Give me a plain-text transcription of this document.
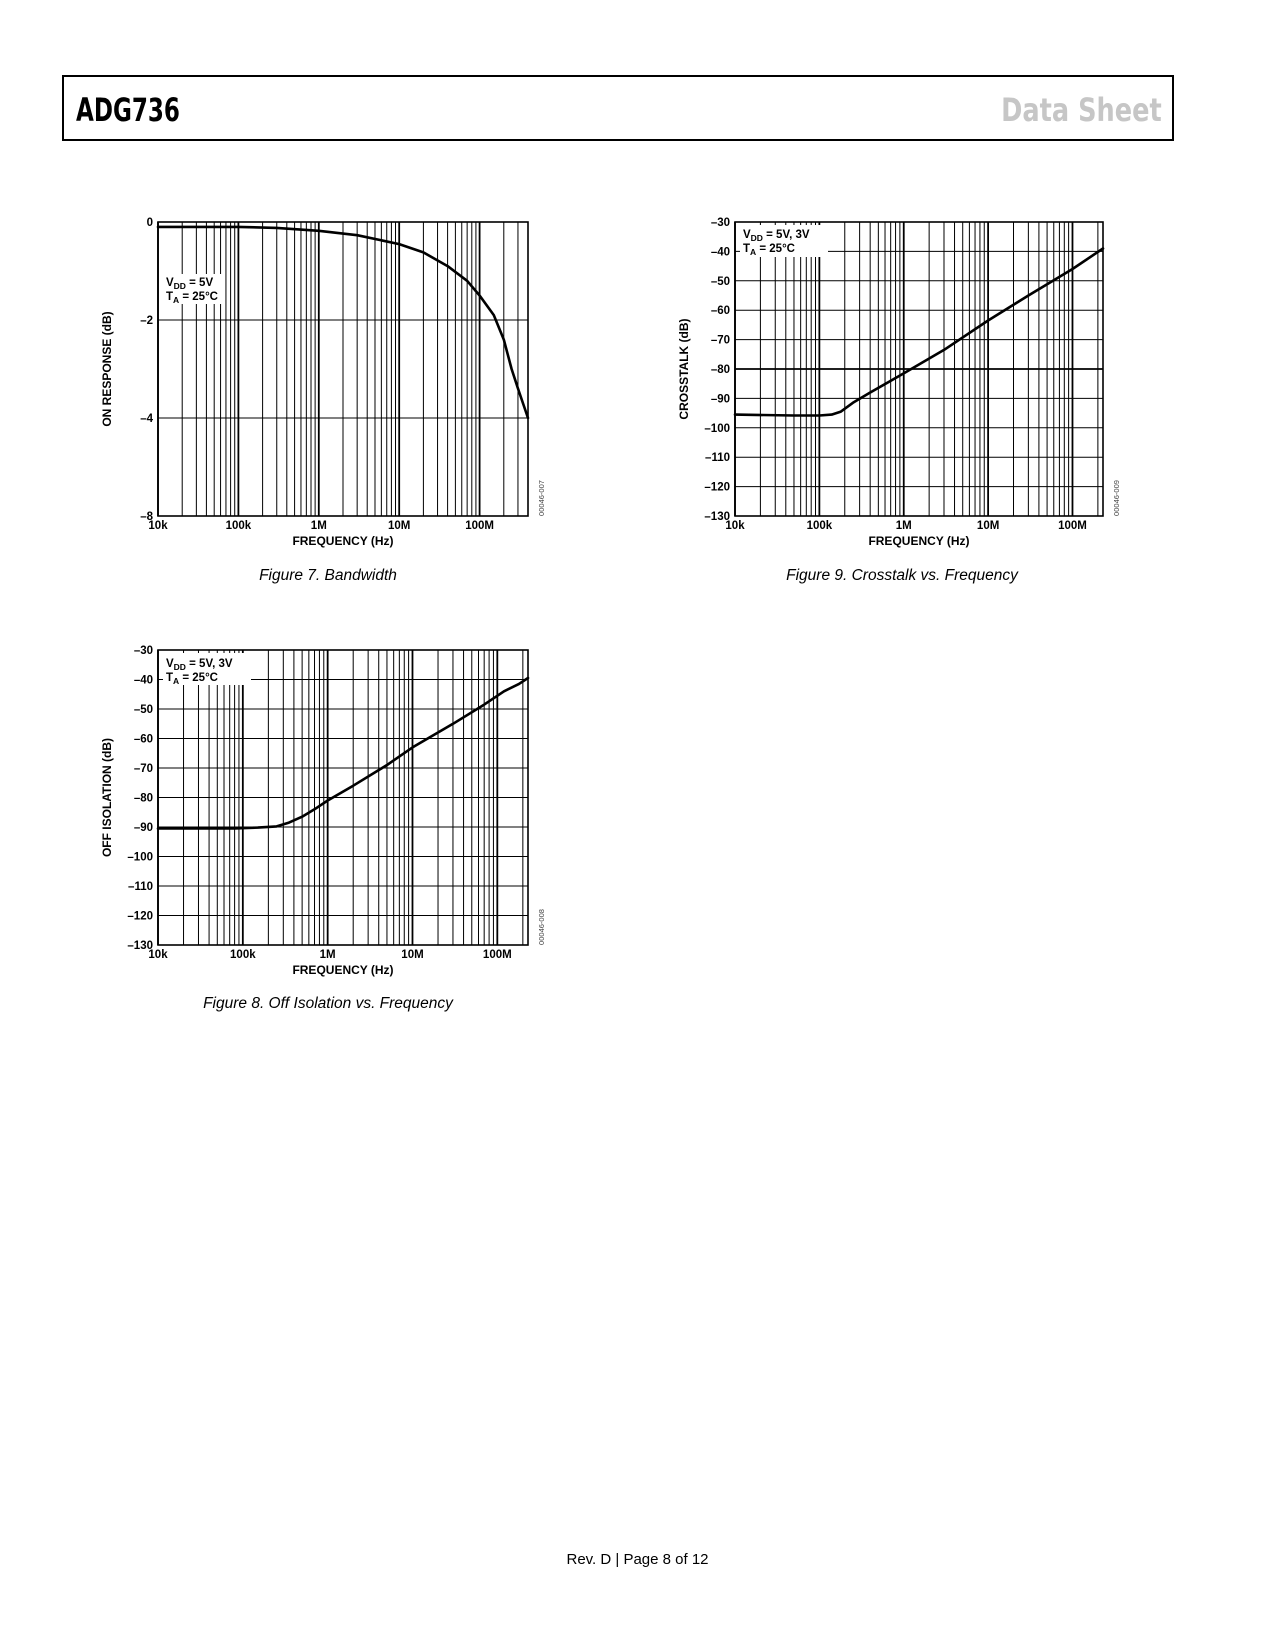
ADG736	Data Sheet
$V_{DD} = 5V$
$T_A = 25^\circ C$
10k	100k	1M	10M	100M
0
–2
–4
–8
FREQUENCY (Hz)
ON RESPONSE (dB)
00046-007
$V_{DD} = 5V$, 3V
$T_A = 25^\circ C$
10k	100k	1M	10M	100M
–30
–40
–50
–60
–70
–80
–90
–100
–110
–120
–130
FREQUENCY (Hz)
OFF ISOLATION (dB)
00046-008
$V_{DD} = 5V$, 3V
$T_A = 25^\circ C$
10k	100k	1M	10M	100M
–30
–40
–50
–60
–70
–80
–90
–100
–110
–120
–130
FREQUENCY (Hz)
CROSSTALK (dB)
00046-009
Figure 7. Bandwidth
Figure 8. Off Isolation vs. Frequency
Figure 9. Crosstalk vs. Frequency
Rev. D | Page 8 of 12
